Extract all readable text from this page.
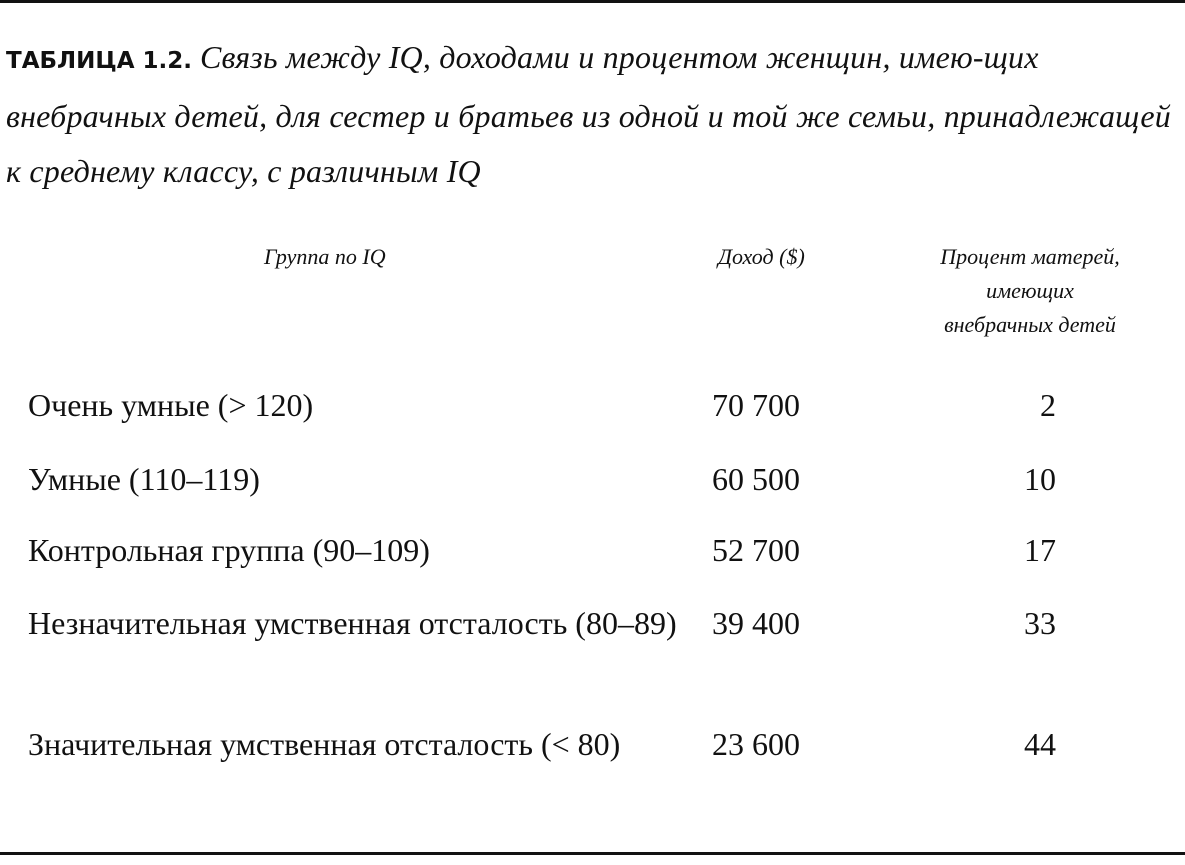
ТАБЛИЦА 1.2. Связь между IQ, доходами и процентом женщин, имею-щих внебрачных детей, для сестер и братьев из одной и той же семьи, принадлежащей к среднему классу, с различным IQ
Группа по IQ	Доход ($)	Процент матерей,
имеющих
внебрачных детей
Очень умные (> 120)	70 700	2
Умные (110–119)	60 500	10
Контрольная группа (90–109)	52 700	17
Незначительная умственная отсталость (80–89)	39 400	33
Значительная умственная отсталость (< 80)	23 600	44
